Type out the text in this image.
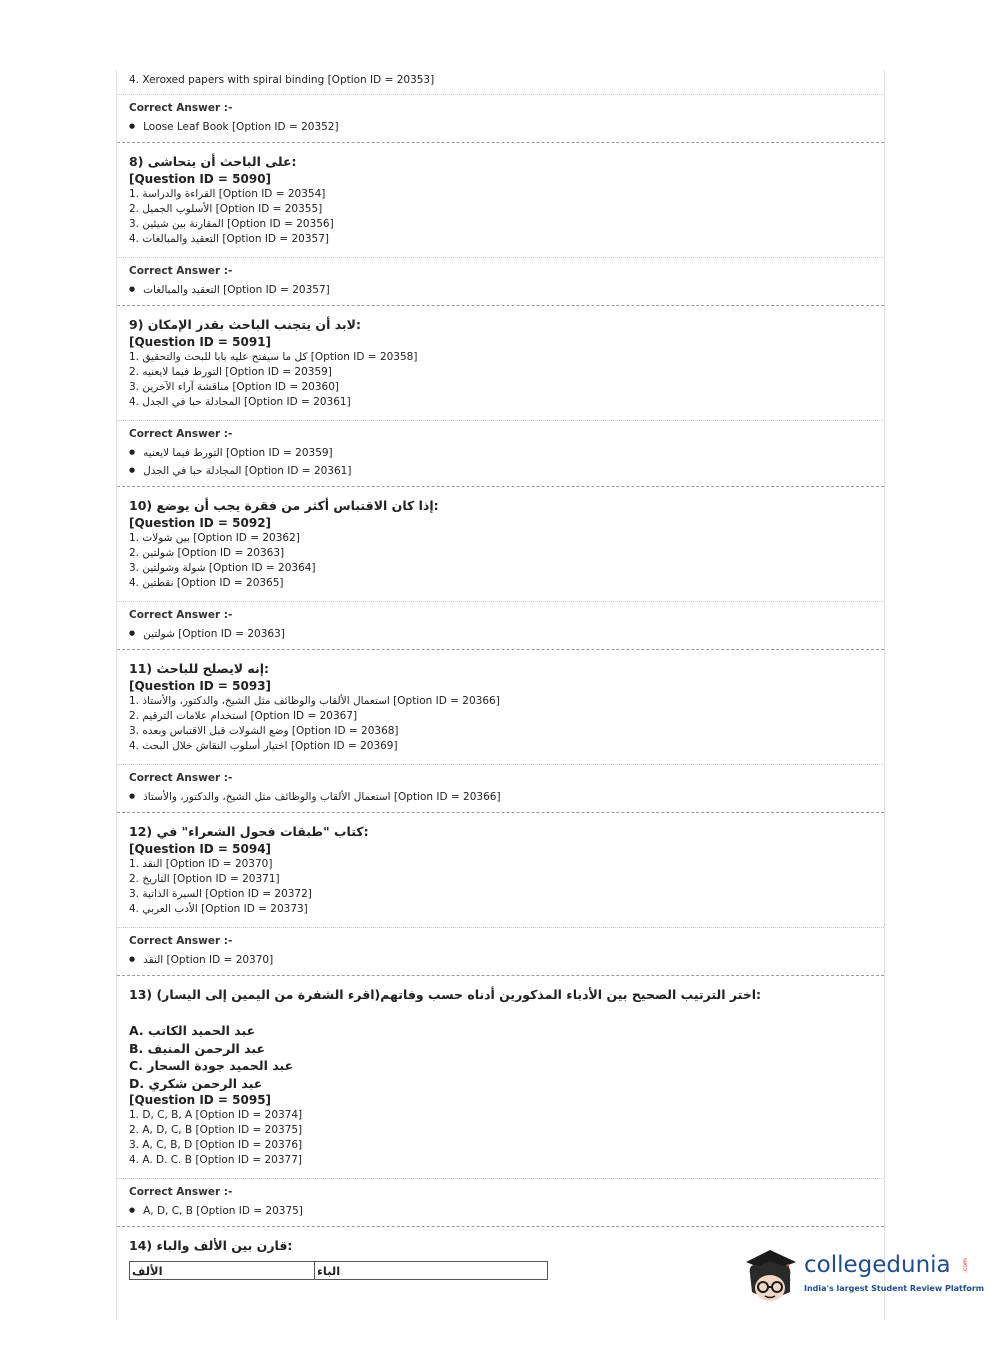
4. Xeroxed papers with spiral binding [Option ID = 20353]
Correct Answer :-
● Loose Leaf Book [Option ID = 20352]
8) على الباحث أن يتحاشى:
[Question ID = 5090]
1. القراءة والدراسة [Option ID = 20354]
2. الأسلوب الجميل [Option ID = 20355]
3. المقارنة بين شيئين [Option ID = 20356]
4. التعقيد والمبالغات [Option ID = 20357]
Correct Answer :-
● التعقيد والمبالغات [Option ID = 20357]
9) لابد أن يتجنب الباحث بقدر الإمكان:
[Question ID = 5091]
1. كل ما سيفتح عليه بابا للبحث والتحقيق [Option ID = 20358]
2. التورط فيما لايعنيه [Option ID = 20359]
3. مناقشة آراء الآخرين [Option ID = 20360]
4. المجادلة حبا في الجدل [Option ID = 20361]
Correct Answer :-
● التورط فيما لايعنيه [Option ID = 20359]
● المجادلة حبا في الجدل [Option ID = 20361]
10) إذا كان الاقتباس أكثر من فقرة يجب أن يوضع:
[Question ID = 5092]
1. بين شولات [Option ID = 20362]
2. شولتين [Option ID = 20363]
3. شولة وشولتين [Option ID = 20364]
4. نقطتين [Option ID = 20365]
Correct Answer :-
● شولتين [Option ID = 20363]
11) إنه لايصلح للباحث:
[Question ID = 5093]
1. استعمال الألقاب والوظائف مثل الشيخ، والدكتور، والأستاذ [Option ID = 20366]
2. استخدام علامات الترقيم [Option ID = 20367]
3. وضع الشولات قبل الاقتباس وبعده [Option ID = 20368]
4. اختيار أسلوب النقاش خلال البحث [Option ID = 20369]
Correct Answer :-
● استعمال الألقاب والوظائف مثل الشيخ، والدكتور، والأستاذ [Option ID = 20366]
12) كتاب "طبقات فحول الشعراء" في:
[Question ID = 5094]
1. النقد [Option ID = 20370]
2. التاريخ [Option ID = 20371]
3. السيرة الذاتية [Option ID = 20372]
4. الأدب العربي [Option ID = 20373]
Correct Answer :-
● النقد [Option ID = 20370]
13) اختر الترتيب الصحيح بين الأدباء المذكورين أدناه حسب وفاتهم(اقرء الشفرة من اليمين إلى اليسار):
A. عبد الحميد الكاتب
B. عبد الرحمن المنيف
C. عبد الحميد جودة السحار
D. عبد الرحمن شكري
[Question ID = 5095]
1. D, C, B, A [Option ID = 20374]
2. A, D, C, B [Option ID = 20375]
3. A, C, B, D [Option ID = 20376]
4. A. D. C. B [Option ID = 20377]
Correct Answer :-
● A, D, C, B [Option ID = 20375]
14) قارن بين الألف والباء:
الألف	الباء	collegedunia .com
India's largest Student Review Platform
